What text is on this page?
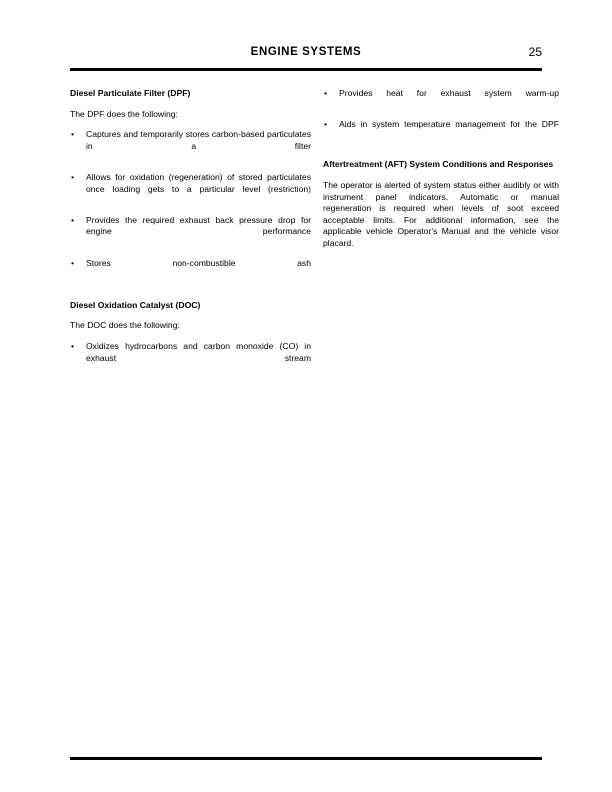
ENGINE SYSTEMS	25
Diesel Particulate Filter (DPF)
The DPF does the following:
• Captures and temporarily stores carbon-based particulates in a filter
• Allows for oxidation (regeneration) of stored particulates once loading gets to a particular level (restriction)
• Provides the required exhaust back pressure drop for engine performance
• Stores non-combustible ash
Diesel Oxidation Catalyst (DOC)
The DOC does the following:
• Oxidizes hydrocarbons and carbon monoxide (CO) in exhaust stream
• Provides heat for exhaust system warm-up
• Aids in system temperature management for the DPF
Aftertreatment (AFT) System Conditions and Responses
The operator is alerted of system status either audibly or with instrument panel indicators. Automatic or manual regeneration is required when levels of soot exceed acceptable limits. For additional information, see the applicable vehicle Operator's Manual and the vehicle visor placard.
